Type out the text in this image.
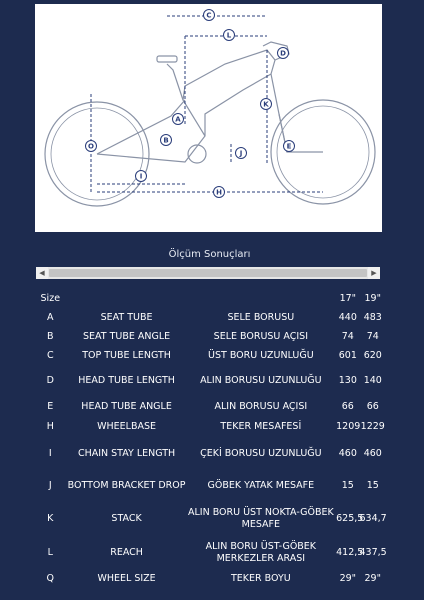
C
L
D
K
A
B
O
J
E
I
H
Ölçüm Sonuçları
◀	▶
Size			17"	19"
A	SEAT TUBE	SELE BORUSU	440	483
B	SEAT TUBE ANGLE	SELE BORUSU AÇISI	74	74
C	TOP TUBE LENGTH	ÜST BORU UZUNLUĞU	601	620
D	HEAD TUBE LENGTH	ALIN BORUSU UZUNLUĞU	130	140
E	HEAD TUBE ANGLE	ALIN BORUSU AÇISI	66	66
H	WHEELBASE	TEKER MESAFESİ	1209	1229
I	CHAIN STAY LENGTH	ÇEKİ BORUSU UZUNLUĞU	460	460
J	BOTTOM BRACKET DROP	GÖBEK YATAK MESAFE	15	15
K	STACK	ALIN BORU ÜST NOKTA-GÖBEK MESAFE	625,5	634,7
L	REACH	ALIN BORU ÜST-GÖBEK MERKEZLER ARASI	412,5	437,5
Q	WHEEL SIZE	TEKER BOYU	29"	29"
